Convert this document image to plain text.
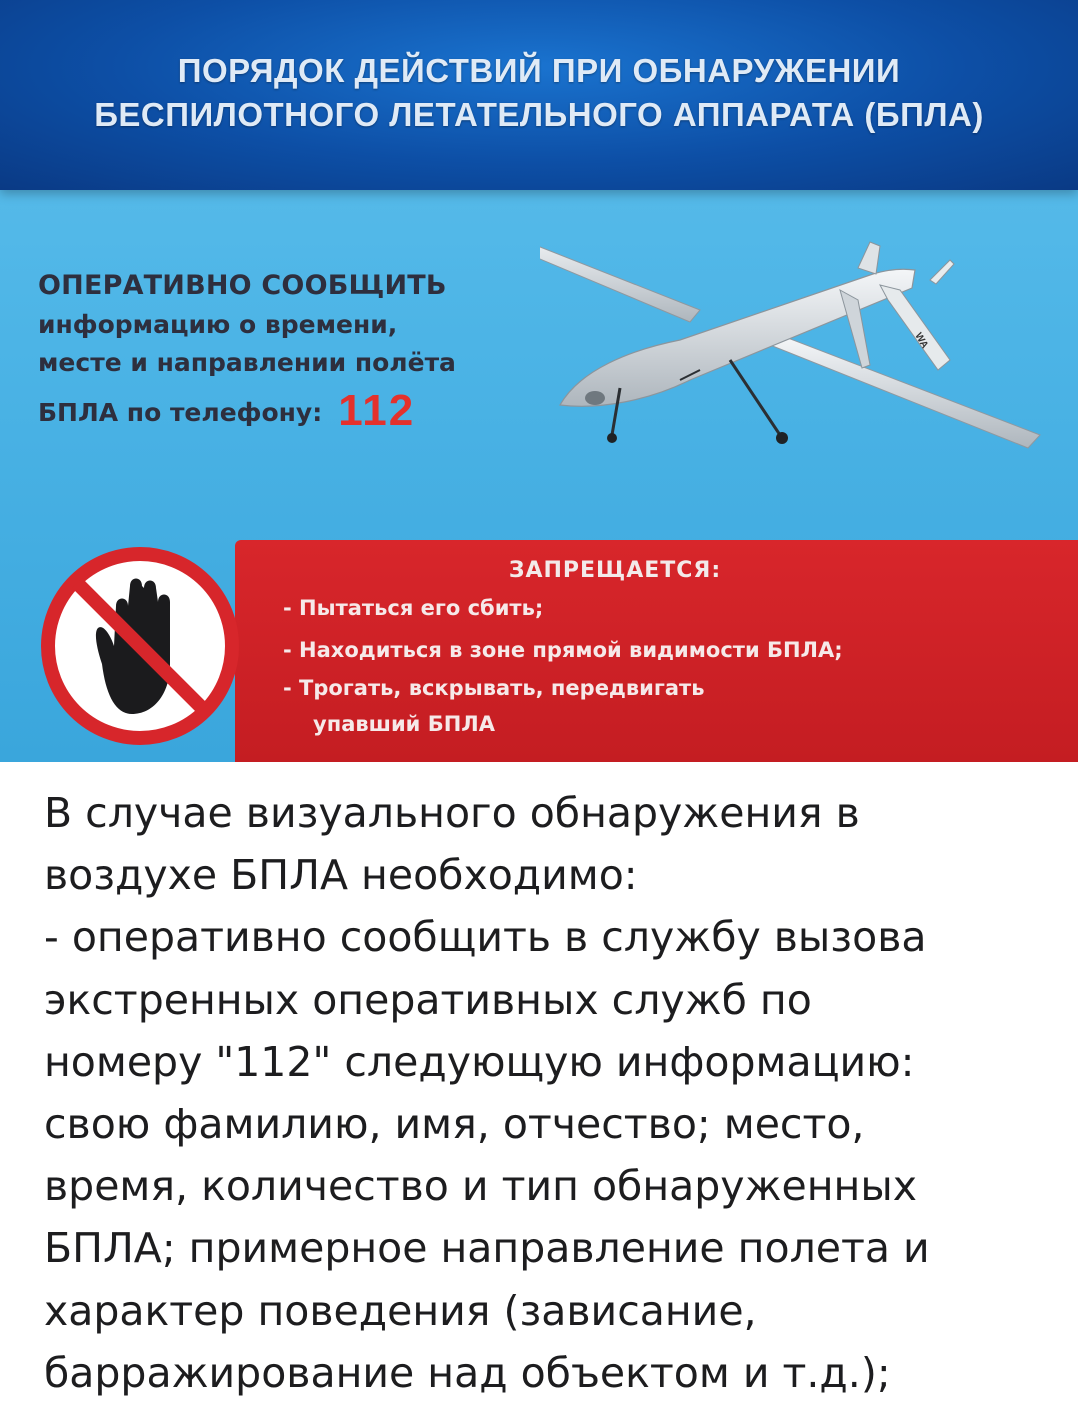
ПОРЯДОК ДЕЙСТВИЙ ПРИ ОБНАРУЖЕНИИ
БЕСПИЛОТНОГО ЛЕТАТЕЛЬНОГО АППАРАТА (БПЛА)
ОПЕРАТИВНО СООБЩИТЬ
информацию о времени,
месте и направлении полёта
БПЛА по телефону: 112
WA
ЗАПРЕЩАЕТСЯ:
- Пытаться его сбить;
- Находиться в зоне прямой видимости БПЛА;
- Трогать, вскрывать, передвигать
упавший БПЛА
В случае визуального обнаружения в
воздухе БПЛА необходимо:
- оперативно сообщить в службу вызова
экстренных оперативных служб по
номеру "112" следующую информацию:
свою фамилию, имя, отчество; место,
время, количество и тип обнаруженных
БПЛА; примерное направление полета и
характер поведения (зависание,
барражирование над объектом и т.д.);
